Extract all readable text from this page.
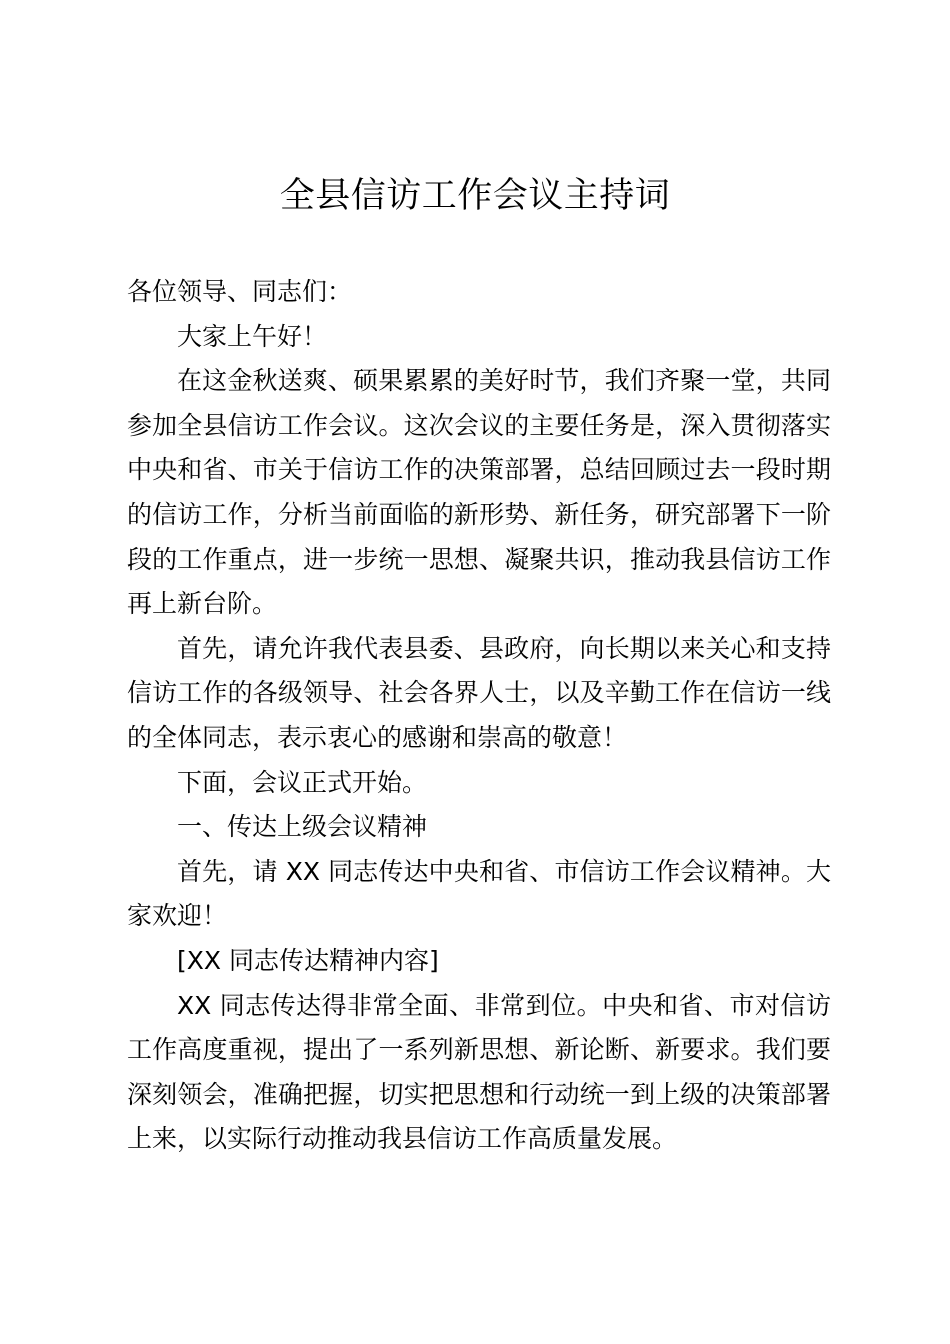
全县信访工作会议主持词

各位领导、同志们：

大家上午好！

在这金秋送爽、硕果累累的美好时节，我们齐聚一堂，共同参加全县信访工作会议。这次会议的主要任务是，深入贯彻落实中央和省、市关于信访工作的决策部署，总结回顾过去一段时期的信访工作，分析当前面临的新形势、新任务，研究部署下一阶段的工作重点，进一步统一思想、凝聚共识，推动我县信访工作再上新台阶。

首先，请允许我代表县委、县政府，向长期以来关心和支持信访工作的各级领导、社会各界人士，以及辛勤工作在信访一线的全体同志，表示衷心的感谢和崇高的敬意！

下面，会议正式开始。

一、传达上级会议精神

首先，请 XX 同志传达中央和省、市信访工作会议精神。大家欢迎！

[XX 同志传达精神内容]

XX 同志传达得非常全面、非常到位。中央和省、市对信访工作高度重视，提出了一系列新思想、新论断、新要求。我们要深刻领会，准确把握，切实把思想和行动统一到上级的决策部署上来，以实际行动推动我县信访工作高质量发展。
